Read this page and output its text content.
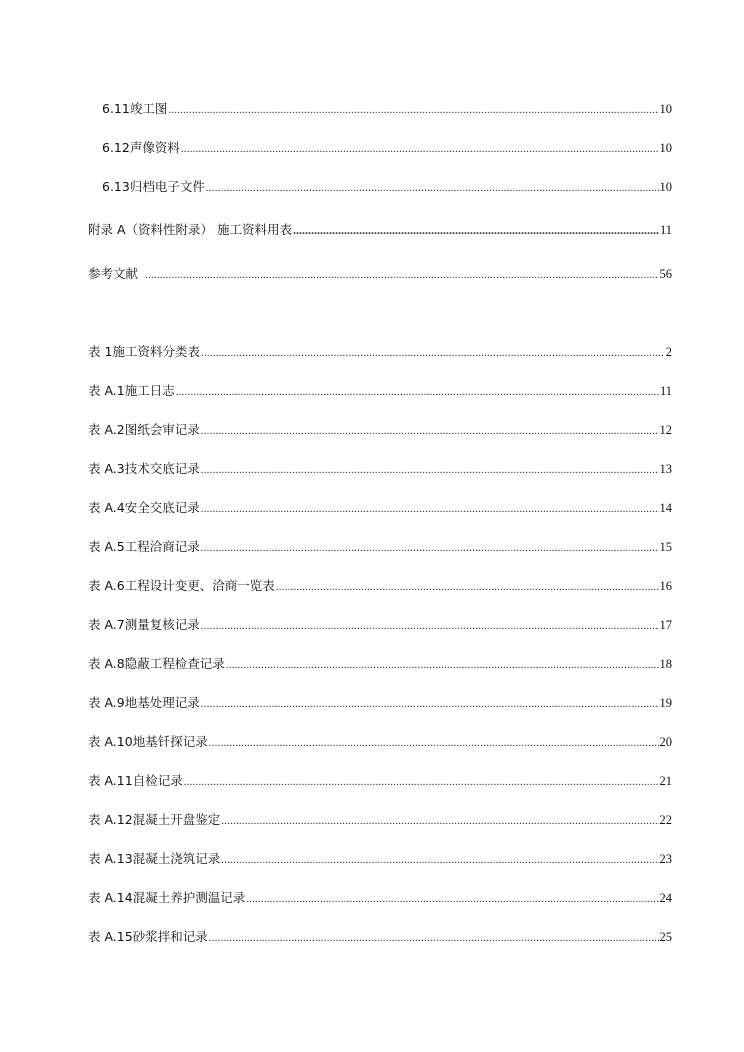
6.11 竣工图 .....	10
6.12 声像资料 .....	10
6.13 归档电子文件 .....	10
附录 A （资料性附录） 施工资料用表 .....	11
参考文献 .....	56
表 1 施工资料分类表 .....	2
表 A.1 施工日志 .....	11
表 A.2 图纸会审记录 .....	12
表 A.3 技术交底记录 .....	13
表 A.4 安全交底记录 .....	14
表 A.5 工程洽商记录 .....	15
表 A.6 工程设计变更、洽商一览表 .....	16
表 A.7 测量复核记录 .....	17
表 A.8 隐蔽工程检查记录 .....	18
表 A.9 地基处理记录 .....	19
表 A.10 地基钎探记录 .....	20
表 A.11 自检记录 .....	21
表 A.12 混凝土开盘鉴定 .....	22
表 A.13 混凝土浇筑记录 .....	23
表 A.14 混凝土养护测温记录 .....	24
表 A.15 砂浆拌和记录 .....	25
